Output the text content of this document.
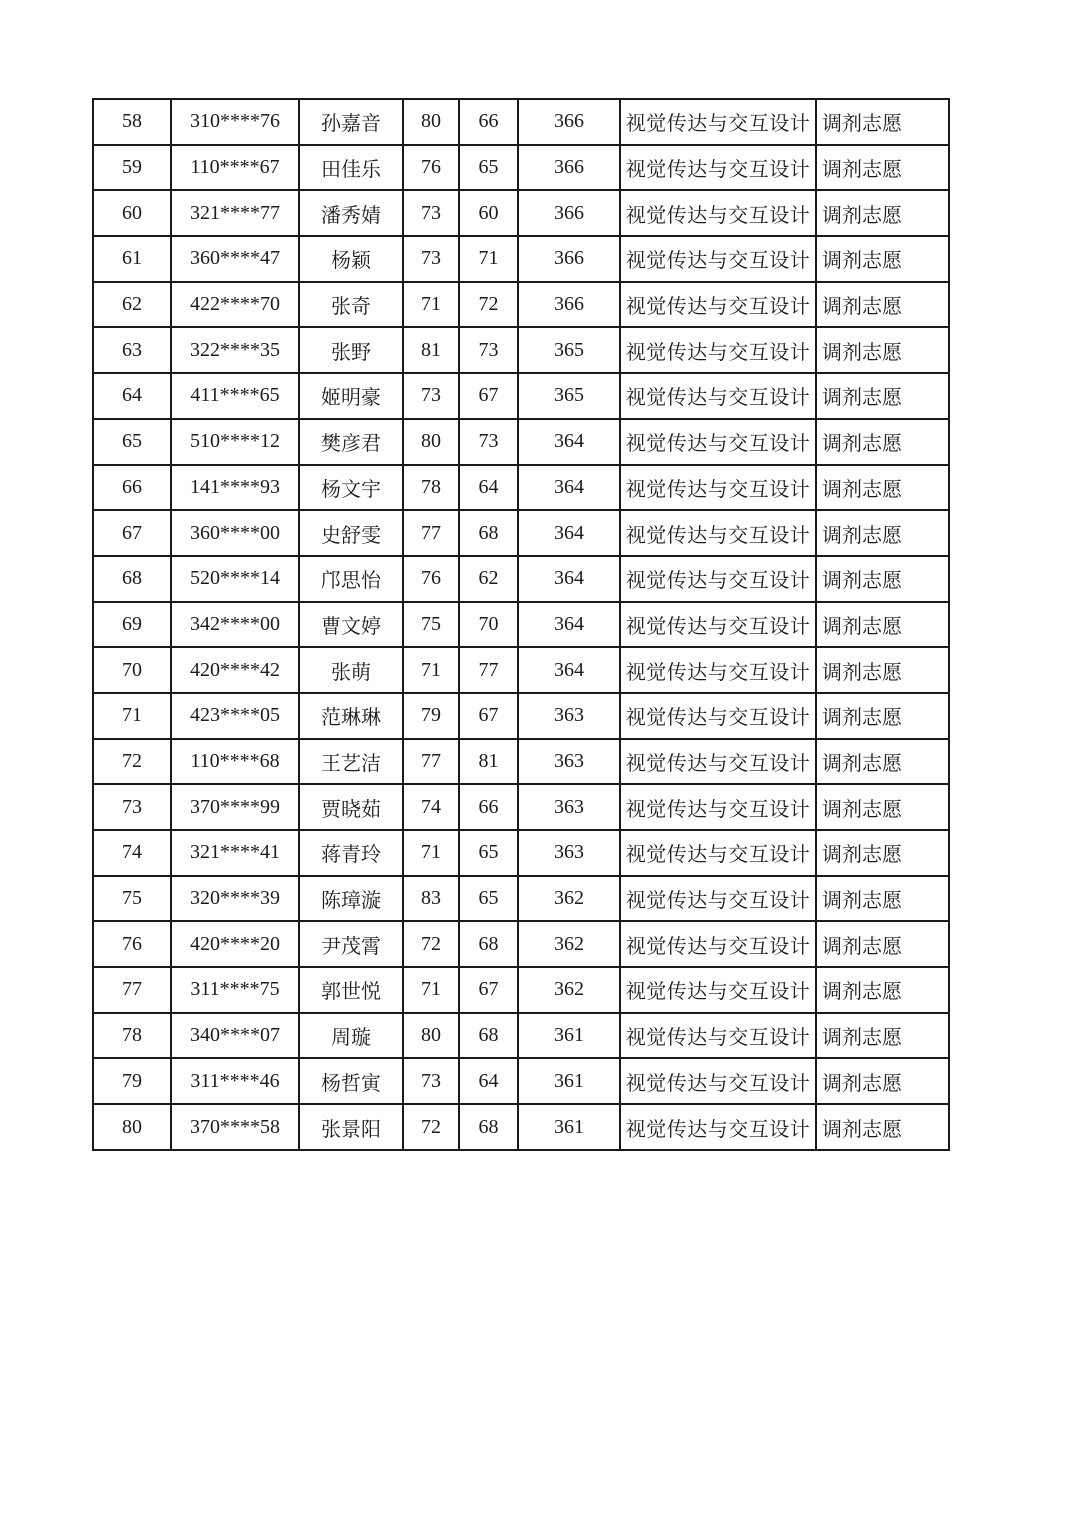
58	310****76	孙嘉音	80	66	366	视觉传达与交互设计	调剂志愿
59	110****67	田佳乐	76	65	366	视觉传达与交互设计	调剂志愿
60	321****77	潘秀婧	73	60	366	视觉传达与交互设计	调剂志愿
61	360****47	杨颖	73	71	366	视觉传达与交互设计	调剂志愿
62	422****70	张奇	71	72	366	视觉传达与交互设计	调剂志愿
63	322****35	张野	81	73	365	视觉传达与交互设计	调剂志愿
64	411****65	姬明豪	73	67	365	视觉传达与交互设计	调剂志愿
65	510****12	樊彦君	80	73	364	视觉传达与交互设计	调剂志愿
66	141****93	杨文宇	78	64	364	视觉传达与交互设计	调剂志愿
67	360****00	史舒雯	77	68	364	视觉传达与交互设计	调剂志愿
68	520****14	邝思怡	76	62	364	视觉传达与交互设计	调剂志愿
69	342****00	曹文婷	75	70	364	视觉传达与交互设计	调剂志愿
70	420****42	张萌	71	77	364	视觉传达与交互设计	调剂志愿
71	423****05	范琳琳	79	67	363	视觉传达与交互设计	调剂志愿
72	110****68	王艺洁	77	81	363	视觉传达与交互设计	调剂志愿
73	370****99	贾晓茹	74	66	363	视觉传达与交互设计	调剂志愿
74	321****41	蒋青玲	71	65	363	视觉传达与交互设计	调剂志愿
75	320****39	陈璋漩	83	65	362	视觉传达与交互设计	调剂志愿
76	420****20	尹茂霄	72	68	362	视觉传达与交互设计	调剂志愿
77	311****75	郭世悦	71	67	362	视觉传达与交互设计	调剂志愿
78	340****07	周璇	80	68	361	视觉传达与交互设计	调剂志愿
79	311****46	杨哲寅	73	64	361	视觉传达与交互设计	调剂志愿
80	370****58	张景阳	72	68	361	视觉传达与交互设计	调剂志愿
